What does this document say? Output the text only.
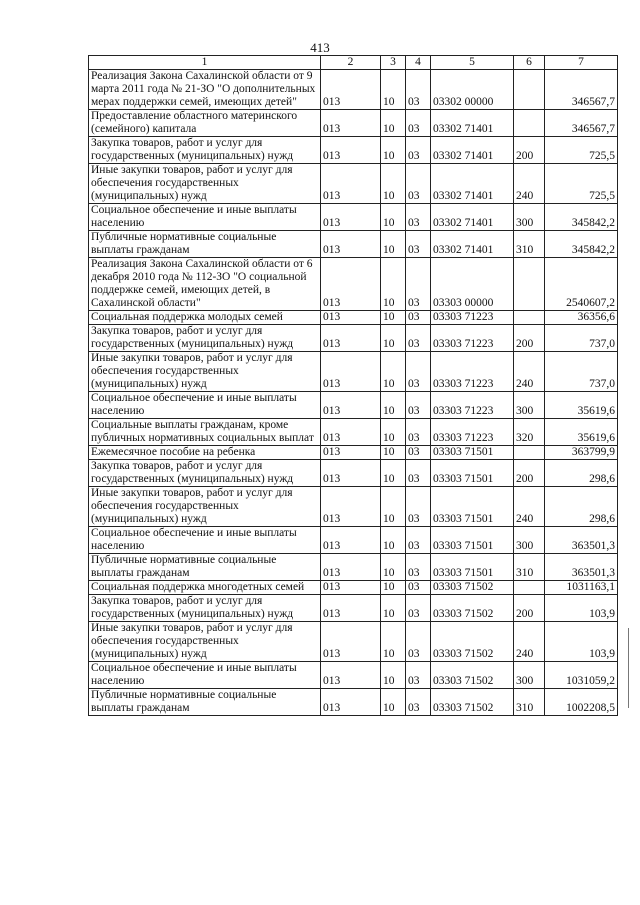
413
1	2	3	4	5	6	7
Реализация Закона Сахалинской области от 9 марта 2011 года № 21-ЗО "О дополнительных мерах поддержки семей, имеющих детей"	013	10	03	03302 00000		346567,7
Предоставление областного материнского (семейного) капитала	013	10	03	03302 71401		346567,7
Закупка товаров, работ и услуг для государственных (муниципальных) нужд	013	10	03	03302 71401	200	725,5
Иные закупки товаров, работ и услуг для обеспечения государственных (муниципальных) нужд	013	10	03	03302 71401	240	725,5
Социальное обеспечение и иные выплаты населению	013	10	03	03302 71401	300	345842,2
Публичные нормативные социальные выплаты гражданам	013	10	03	03302 71401	310	345842,2
Реализация Закона Сахалинской области от 6 декабря 2010 года № 112-ЗО "О социальной поддержке семей, имеющих детей, в Сахалинской области"	013	10	03	03303 00000		2540607,2
Социальная поддержка молодых семей	013	10	03	03303 71223		36356,6
Закупка товаров, работ и услуг для государственных (муниципальных) нужд	013	10	03	03303 71223	200	737,0
Иные закупки товаров, работ и услуг для обеспечения государственных (муниципальных) нужд	013	10	03	03303 71223	240	737,0
Социальное обеспечение и иные выплаты населению	013	10	03	03303 71223	300	35619,6
Социальные выплаты гражданам, кроме публичных нормативных социальных выплат	013	10	03	03303 71223	320	35619,6
Ежемесячное пособие на ребенка	013	10	03	03303 71501		363799,9
Закупка товаров, работ и услуг для государственных (муниципальных) нужд	013	10	03	03303 71501	200	298,6
Иные закупки товаров, работ и услуг для обеспечения государственных (муниципальных) нужд	013	10	03	03303 71501	240	298,6
Социальное обеспечение и иные выплаты населению	013	10	03	03303 71501	300	363501,3
Публичные нормативные социальные выплаты гражданам	013	10	03	03303 71501	310	363501,3
Социальная поддержка многодетных семей	013	10	03	03303 71502		1031163,1
Закупка товаров, работ и услуг для государственных (муниципальных) нужд	013	10	03	03303 71502	200	103,9
Иные закупки товаров, работ и услуг для обеспечения государственных (муниципальных) нужд	013	10	03	03303 71502	240	103,9
Социальное обеспечение и иные выплаты населению	013	10	03	03303 71502	300	1031059,2
Публичные нормативные социальные выплаты гражданам	013	10	03	03303 71502	310	1002208,5
